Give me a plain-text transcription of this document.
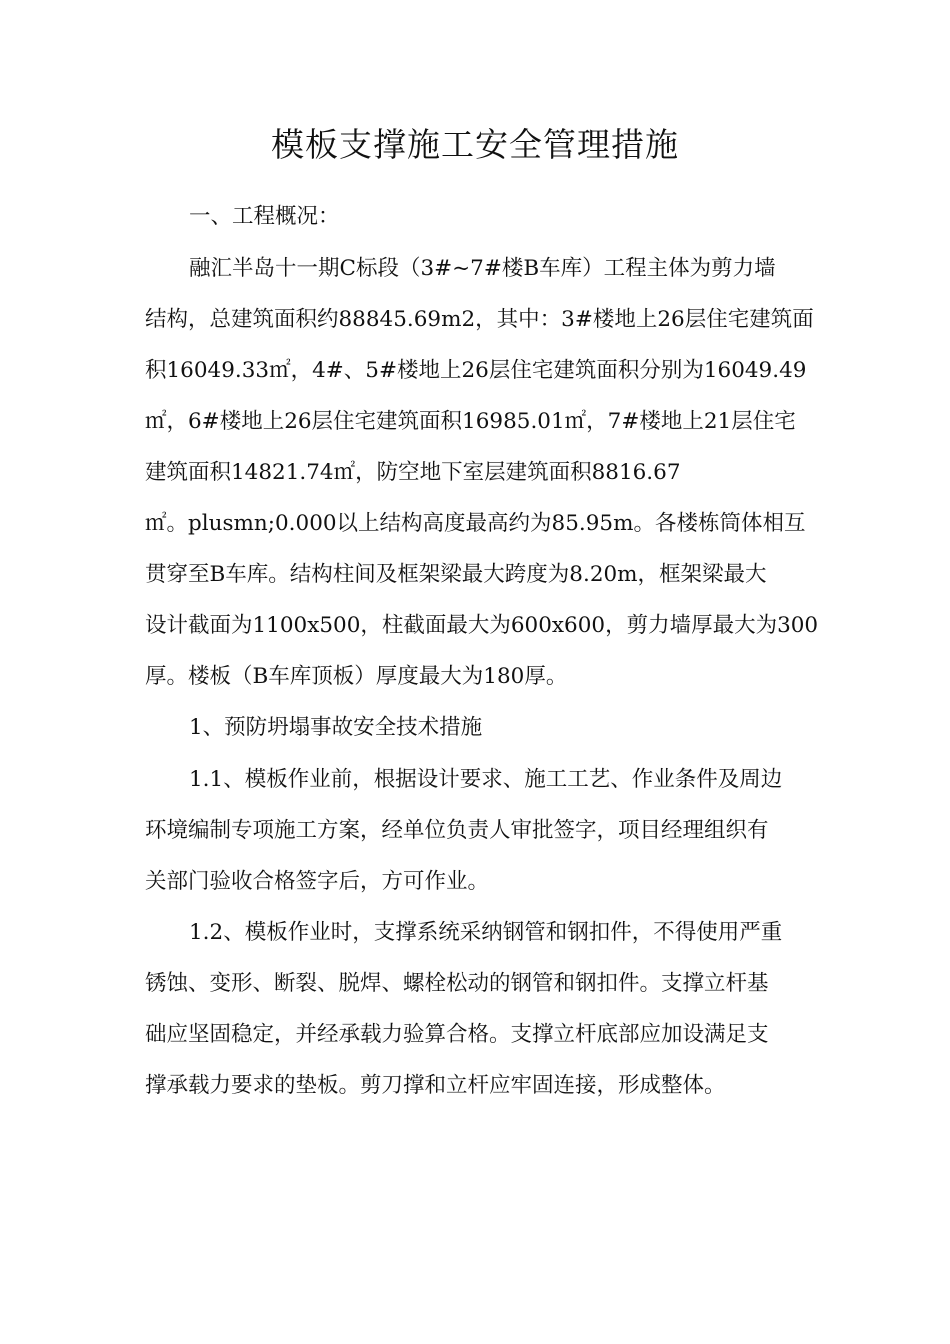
模板支撑施工安全管理措施

一、工程概况：

融汇半岛十一期C标段（3#~7#楼B车库）工程主体为剪力墙

结构，总建筑面积约88845.69m2，其中：3#楼地上26层住宅建筑面

积16049.33㎡，4#、5#楼地上26层住宅建筑面积分别为16049.49

㎡，6#楼地上26层住宅建筑面积16985.01㎡，7#楼地上21层住宅

建筑面积14821.74㎡，防空地下室层建筑面积8816.67

㎡。plusmn;0.000以上结构高度最高约为85.95m。各楼栋筒体相互

贯穿至B车库。结构柱间及框架梁最大跨度为8.20m，框架梁最大

设计截面为1100x500，柱截面最大为600x600，剪力墙厚最大为300

厚。楼板（B车库顶板）厚度最大为180厚。

1、预防坍塌事故安全技术措施

1.1、模板作业前，根据设计要求、施工工艺、作业条件及周边

环境编制专项施工方案，经单位负责人审批签字，项目经理组织有

关部门验收合格签字后，方可作业。

1.2、模板作业时，支撑系统采纳钢管和钢扣件，不得使用严重

锈蚀、变形、断裂、脱焊、螺栓松动的钢管和钢扣件。支撑立杆基

础应坚固稳定，并经承载力验算合格。支撑立杆底部应加设满足支

撑承载力要求的垫板。剪刀撑和立杆应牢固连接，形成整体。
